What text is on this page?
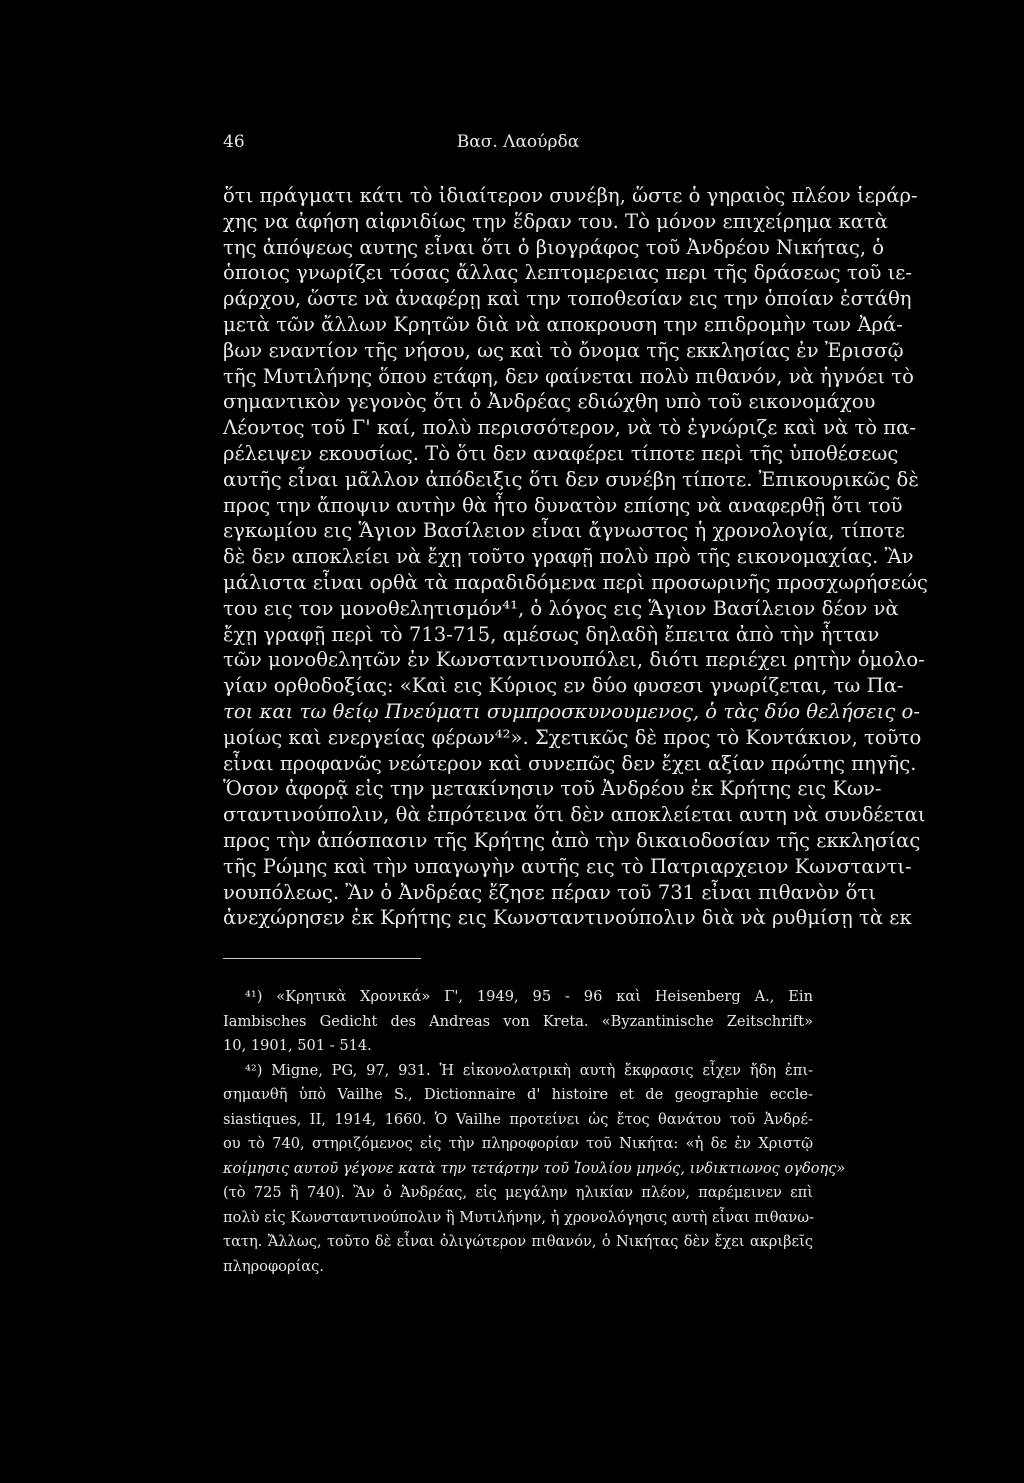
46	Βασ. Λαούρδα
ὅτι πράγματι κάτι τὸ ἰδιαίτερον συνέβη, ὥστε ὁ γηραιὸς πλέον ἱεράρ-
χης να ἀφήση αἰφνιδίως την ἕδραν του. Τὸ μόνον επιχείρημα κατὰ
της ἀπόψεως αυτης εἶναι ὅτι ὁ βιογράφος τοῦ Ἀνδρέου Νικήτας, ὁ
ὁποιος γνωρίζει τόσας ἄλλας λεπτομερειας περι τῆς δράσεως τοῦ ιε-
ράρχου, ὥστε νὰ ἀναφέρῃ καὶ την τοποθεσίαν εις την ὁποίαν ἐστάθη
μετὰ τῶν ἄλλων Κρητῶν διὰ νὰ αποκρουση την επιδρομὴν των Ἀρά-
βων εναντίον τῆς νήσου, ως καὶ τὸ ὄνομα τῆς εκκλησίας ἐν Ἐρισσῷ
τῆς Μυτιλήνης ὅπου ετάφη, δεν φαίνεται πολὺ πιθανόν, νὰ ἠγνόει τὸ
σημαντικὸν γεγονὸς ὅτι ὁ Ἀνδρέας εδιώχθη υπὸ τοῦ εικονομάχου
Λέοντος τοῦ Γ' καί, πολὺ περισσότερον, νὰ τὸ ἐγνώριζε καὶ νὰ τὸ πα-
ρέλειψεν εκουσίως. Τὸ ὅτι δεν αναφέρει τίποτε περὶ τῆς ὑποθέσεως
αυτῆς εἶναι μᾶλλον ἀπόδειξις ὅτι δεν συνέβη τίποτε. Ἐπικουρικῶς δὲ
προς την ἄποψιν αυτὴν θὰ ἦτο δυνατὸν επίσης νὰ αναφερθῇ ὅτι τοῦ
εγκωμίου εις Ἅγιον Βασίλειον εἶναι ἄγνωστος ἡ χρονολογία, τίποτε
δὲ δεν αποκλείει νὰ ἔχῃ τοῦτο γραφῇ πολὺ πρὸ τῆς εικονομαχίας. Ἂν
μάλιστα εἶναι ορθὰ τὰ παραδιδόμενα περὶ προσωρινῆς προσχωρήσεώς
του εις τον μονοθελητισμόν⁴¹, ὁ λόγος εις Ἅγιον Βασίλειον δέον νὰ
ἔχῃ γραφῇ περὶ τὸ 713-715, αμέσως δηλαδὴ ἔπειτα ἀπὸ τὴν ἧτταν
τῶν μονοθελητῶν ἐν Κωνσταντινουπόλει, διότι περιέχει ρητὴν ὁμολο-
γίαν ορθοδοξίας: «Καὶ εις Κύριος εν δύο φυσεσι γνωρίζεται, τω Πα-
τοι και τω θείῳ Πνεύματι συμπροσκυνουμενος, ὁ τὰς δύο θελήσεις ο-
μοίως καὶ ενεργείας φέρων⁴²». Σχετικῶς δὲ προς τὸ Κοντάκιον, τοῦτο
εἶναι προφανῶς νεώτερον καὶ συνεπῶς δεν ἔχει αξίαν πρώτης πηγῆς.
Ὅσον ἀφορᾷ εἰς την μετακίνησιν τοῦ Ἀνδρέου ἐκ Κρήτης εις Κων-
σταντινούπολιν, θὰ ἐπρότεινα ὅτι δὲν αποκλείεται αυτη νὰ συνδέεται
προς τὴν ἀπόσπασιν τῆς Κρήτης ἀπὸ τὴν δικαιοδοσίαν τῆς εκκλησίας
τῆς Ρώμης καὶ τὴν υπαγωγὴν αυτῆς εις τὸ Πατριαρχειον Κωνσταντι-
νουπόλεως. Ἂν ὁ Ἀνδρέας ἔζησε πέραν τοῦ 731 εἶναι πιθανὸν ὅτι
ἀνεχώρησεν ἐκ Κρήτης εις Κωνσταντινούπολιν διὰ νὰ ρυθμίσῃ τὰ εκ
⁴¹) «Κρητικὰ Χρονικά» Γ', 1949, 95 - 96 καὶ Heisenberg A., Ein
Iambisches Gedicht des Andreas von Kreta. «Byzantinische Zeitschrift»
10, 1901, 501 - 514.
⁴²) Migne, PG, 97, 931. Ἡ εἰκονολατρικὴ αυτὴ ἔκφρασις εἶχεν ἤδη ἐπι-
σημανθῆ ὑπὸ Vailhe S., Dictionnaire d' histoire et de geographie eccle-
siastiques, II, 1914, 1660. Ὁ Vailhe προτείνει ὡς ἔτος θανάτου τοῦ Ἀνδρέ-
ου τὸ 740, στηριζόμενος εἰς τὴν πληροφορίαν τοῦ Νικήτα: «ἡ δε ἐν Χριστῷ
κοίμησις αυτοῦ γέγονε κατὰ την τετάρτην τοῦ Ἰουλίου μηνός, ινδικτιωνος ογδοης»
(τὸ 725 ἢ 740). Ἂν ὁ Ἀνδρέας, εἰς μεγάλην ηλικίαν πλέον, παρέμεινεν επὶ
πολὺ εἰς Κωνσταντινούπολιν ἢ Μυτιλήνην, ἡ χρονολόγησις αυτὴ εἶναι πιθανω-
τατη. Ἄλλως, τοῦτο δὲ εἶναι ὀλιγώτερον πιθανόν, ὁ Νικήτας δὲν ἔχει ακριβεῖς
πληροφορίας.
